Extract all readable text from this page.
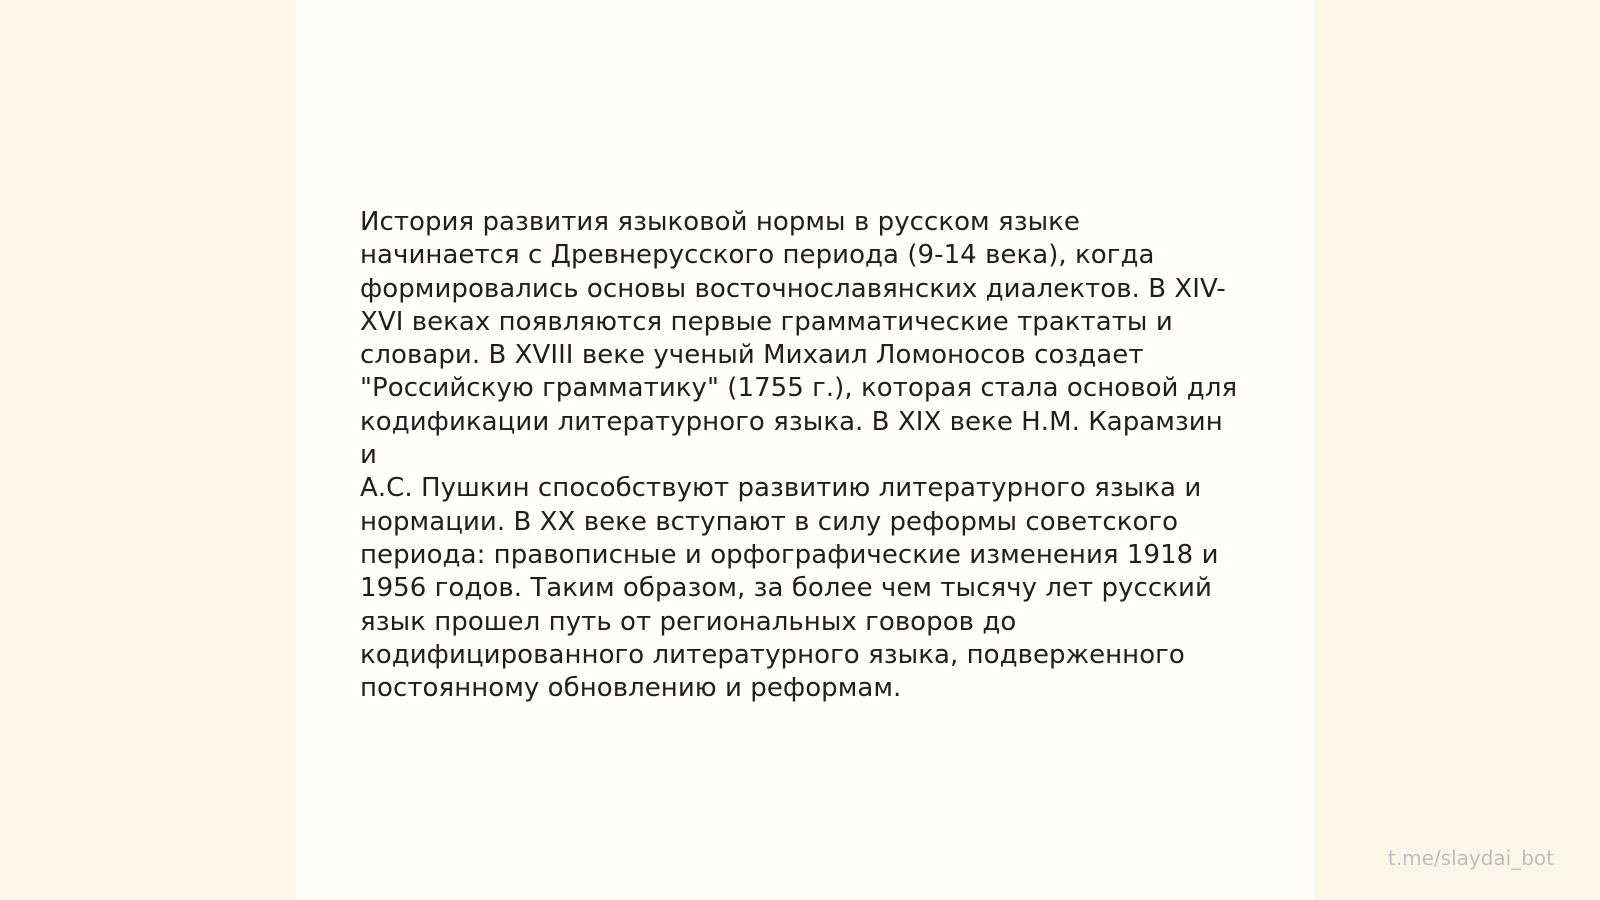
История развития языковой нормы в русском языке
начинается с Древнерусского периода (9-14 века), когда
формировались основы восточнославянских диалектов. В XIV-
XVI веках появляются первые грамматические трактаты и
словари. В XVIII веке ученый Михаил Ломоносов создает
"Российскую грамматику" (1755 г.), которая стала основой для
кодификации литературного языка. В XIX веке Н.М. Карамзин и
А.С. Пушкин способствуют развитию литературного языка и
нормации. В XX веке вступают в силу реформы советского
периода: правописные и орфографические изменения 1918 и
1956 годов. Таким образом, за более чем тысячу лет русский
язык прошел путь от региональных говоров до
кодифицированного литературного языка, подверженного
постоянному обновлению и реформам.

t.me/slaydai_bot
